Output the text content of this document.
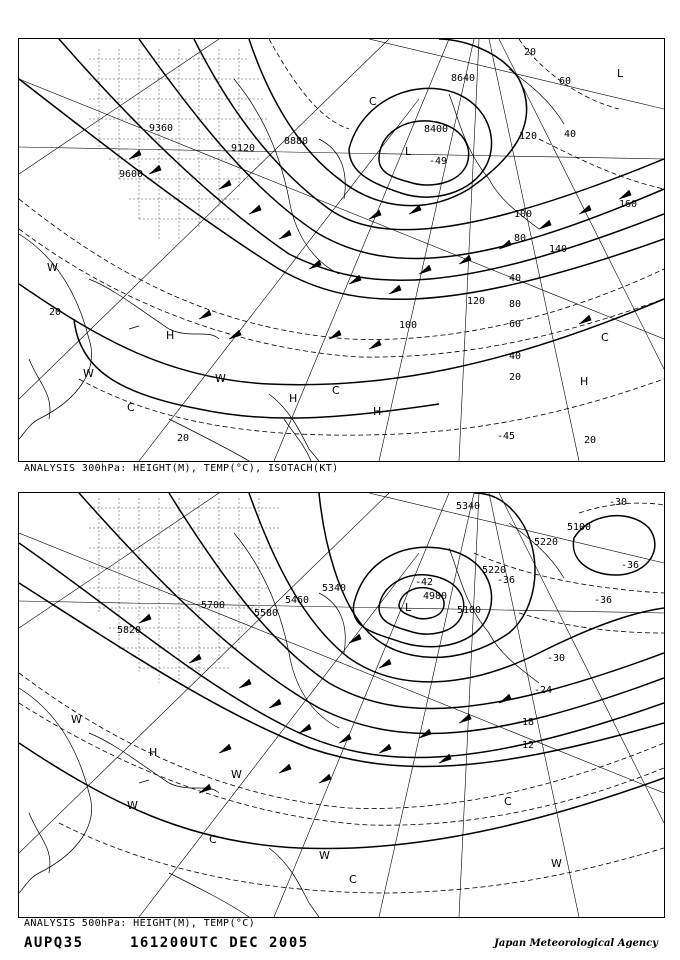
9600
9360
9120
8880
8640
8400
120
100
80
60
40
20
160
140
120
100
80
60
40
20
20
20
40
20
-49
-45
L
L
H
H
H
H
W
W	W
C
C
C
C
ANALYSIS 300hPa: HEIGHT(M), TEMP(°C), ISOTACH(KT)
5820
5700
5580
5460
5340
5220
5100
4980
5340
5220
5100
-42
-36
-30
-24
-18
-12
-36
-30
-36
L
H
W
W
W
W
W
C
C
C
ANALYSIS 500hPa: HEIGHT(M), TEMP(°C)
AUPQ35	161200UTC DEC 2005	Japan Meteorological Agency
